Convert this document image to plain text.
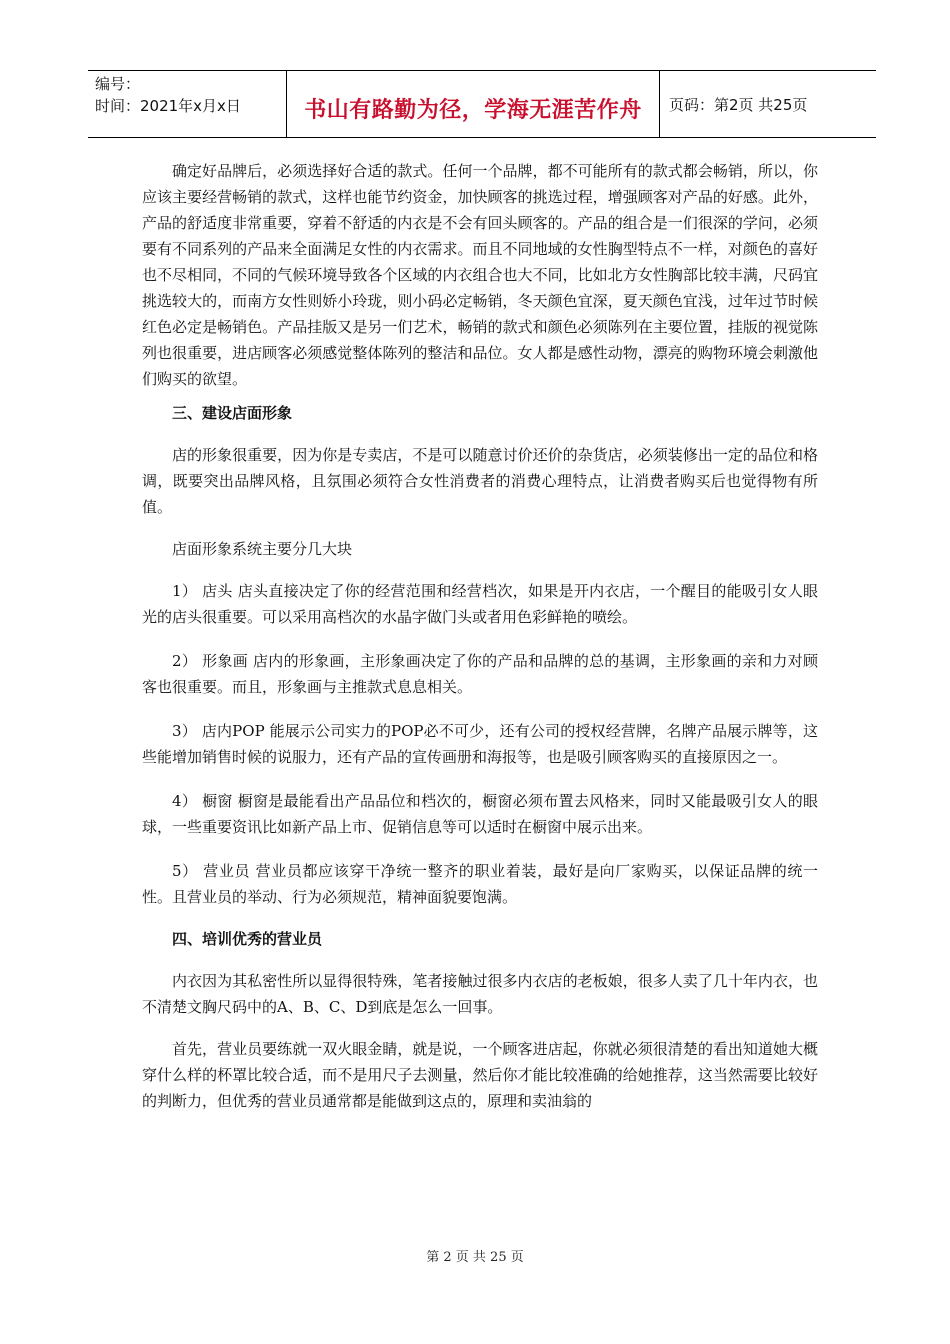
编号：
时间：2021年x月x日	书山有路勤为径，学海无涯苦作舟	页码：第2页 共25页

确定好品牌后，必须选择好合适的款式。任何一个品牌，都不可能所有的款式都会畅销，所以，你应该主要经营畅销的款式，这样也能节约资金，加快顾客的挑选过程，增强顾客对产品的好感。此外，产品的舒适度非常重要，穿着不舒适的内衣是不会有回头顾客的。产品的组合是一们很深的学问，必须要有不同系列的产品来全面满足女性的内衣需求。而且不同地域的女性胸型特点不一样，对颜色的喜好也不尽相同，不同的气候环境导致各个区域的内衣组合也大不同，比如北方女性胸部比较丰满，尺码宜挑选较大的，而南方女性则娇小玲珑，则小码必定畅销，冬天颜色宜深，夏天颜色宜浅，过年过节时候红色必定是畅销色。产品挂版又是另一们艺术，畅销的款式和颜色必须陈列在主要位置，挂版的视觉陈列也很重要，进店顾客必须感觉整体陈列的整洁和品位。女人都是感性动物，漂亮的购物环境会刺激他们购买的欲望。

三、建设店面形象

店的形象很重要，因为你是专卖店，不是可以随意讨价还价的杂货店，必须装修出一定的品位和格调，既要突出品牌风格，且氛围必须符合女性消费者的消费心理特点，让消费者购买后也觉得物有所值。

店面形象系统主要分几大块

1） 店头 店头直接决定了你的经营范围和经营档次，如果是开内衣店，一个醒目的能吸引女人眼光的店头很重要。可以采用高档次的水晶字做门头或者用色彩鲜艳的喷绘。

2） 形象画 店内的形象画，主形象画决定了你的产品和品牌的总的基调，主形象画的亲和力对顾客也很重要。而且，形象画与主推款式息息相关。

3） 店内POP 能展示公司实力的POP必不可少，还有公司的授权经营牌，名牌产品展示牌等，这些能增加销售时候的说服力，还有产品的宣传画册和海报等，也是吸引顾客购买的直接原因之一。

4） 橱窗 橱窗是最能看出产品品位和档次的，橱窗必须布置去风格来，同时又能最吸引女人的眼球，一些重要资讯比如新产品上市、促销信息等可以适时在橱窗中展示出来。

5） 营业员 营业员都应该穿干净统一整齐的职业着装，最好是向厂家购买，以保证品牌的统一性。且营业员的举动、行为必须规范，精神面貌要饱满。

四、培训优秀的营业员

内衣因为其私密性所以显得很特殊，笔者接触过很多内衣店的老板娘，很多人卖了几十年内衣，也不清楚文胸尺码中的A、B、C、D到底是怎么一回事。

首先，营业员要练就一双火眼金睛，就是说，一个顾客进店起，你就必须很清楚的看出知道她大概穿什么样的杯罩比较合适，而不是用尺子去测量，然后你才能比较准确的给她推荐，这当然需要比较好的判断力，但优秀的营业员通常都是能做到这点的，原理和卖油翁的

第 2 页 共 25 页
